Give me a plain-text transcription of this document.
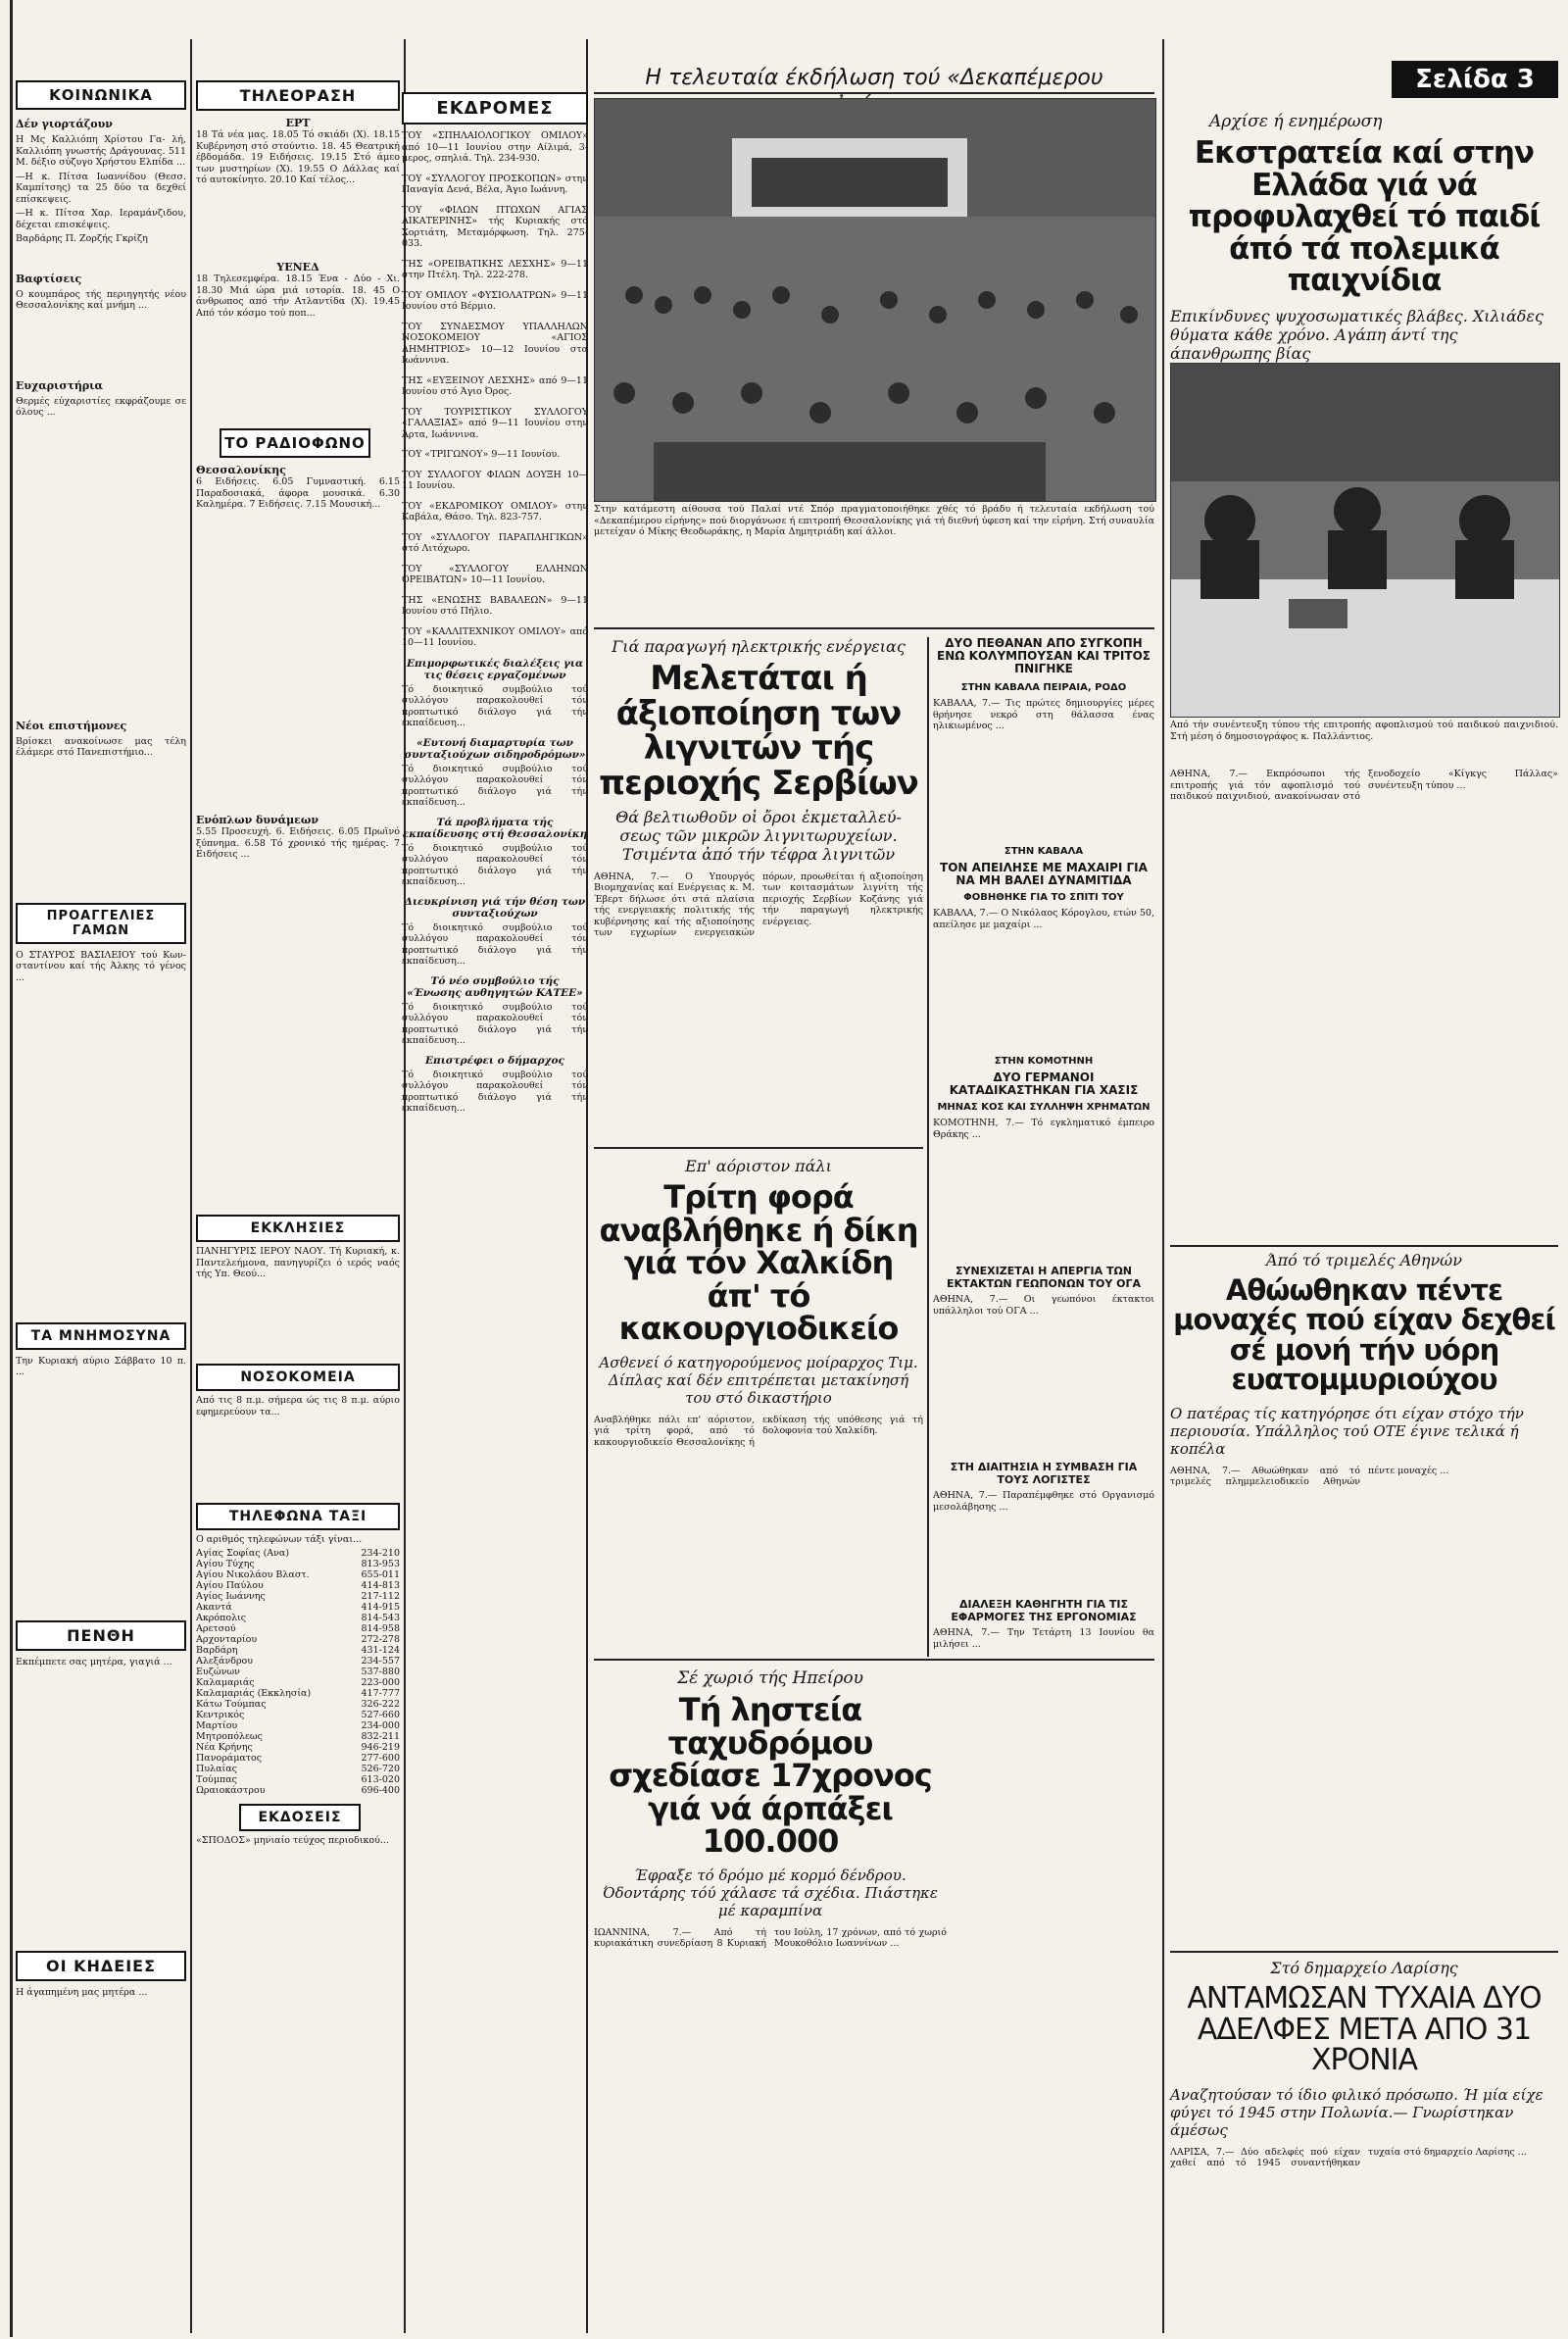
ΚΟΙΝΩΝΙΚΑ
Δέν γιορτάζουν
Η Μς Καλλιόπη Χρίστου Γα- λή, Καλλιόπη γνωστής Δράγουνας. 511 Μ. δέξιο σύζυγο Χρήστου Ελπίδα ...
—Η κ. Πίτσα Ιωαννίδου (Θεσσ. Καμπίτσης) τα 25 δύο τα δεχθεί επίσκεψεις.
—Η κ. Πίτσα Χαρ. Ιεραμάνζιδου, δέχεται επισκέψεις.
Βαρδάρης Π. Ζορζής Γκρίζη
Βαφτίσεις
Ο κουμπάρος τής περιηγητής νέου Θεσσαλονίκης καί μνήμη ...
Ευχαριστήρια
Θερμές εύχαριστίες εκφράζουμε σε όλους ...
Νέοι επιστήμονες
Βρίσκει ανακοίνωσε μας τέλη έλάμερε στό Πανεπιστήμιο...
ΠΡΟΑΓΓΕΛΙΕΣ ΓΑΜΩΝ
Ο ΣΤΑΥΡΟΣ ΒΑΣΙΛΕΙΟΥ τού Κων- σταντίνου καί τής Άλκης τό γένος ...
ΤΑ ΜΝΗΜΟΣΥΝΑ
Την Κυριακή αύριο Σάββατο 10 π. ...
ΠΕΝΘΗ
Εκπέμπετε σας μητέρα, γιαγιά ...
ΟΙ ΚΗΔΕΙΕΣ
Η άγαπημένη μας μητέρα ...
ΤΗΛΕΟΡΑΣΗ
ΕΡΤ
18 Τά νέα μας. 18.05 Τό σκιάδι (Χ). 18.15 Κυβέρνηση στό στούντιο. 18. 45 Θεατρική έβδομάδα. 19 Ειδήσεις. 19.15 Στό άμεο των μυστηρίων (Χ). 19.55 Ο Δάλλας καί τό αυτοκίνητο. 20.10 Καί τέλος...
ΥΕΝΕΔ
18 Τηλεσεμφέρα. 18.15 Ένα - Δύο - Χι. 18.30 Μιά ώρα μιά ιστορία. 18. 45 Ο άνθρωπος από τήν Ατλαντίδα (Χ). 19.45 Από τόν κόσμο τού ποπ...
ΤΟ ΡΑΔΙΟΦΩΝΟ
Θεσσαλονίκης
6 Ειδήσεις. 6.05 Γυμναστική. 6.15 Παραδοσιακά, άφορα μουσικά. 6.30 Καλημέρα. 7 Ειδήσεις. 7.15 Μουσική...
Ενόπλων δυνάμεων
5.55 Προσευχή. 6. Ειδήσεις. 6.05 Πρωϊνό ξύπνημα. 6.58 Τό χρονικό τής ημέρας. 7 Ειδήσεις ...
ΕΚΚΛΗΣΙΕΣ
ΠΑΝΗΓΥΡΙΣ ΙΕΡΟΥ ΝΑΟΥ. Τή Κυριακή, κ. Παντελεήμονα, πανηγυρίζει ό ιερός ναός τής Υπ. Θεού...
ΝΟΣΟΚΟΜΕΙΑ
Από τις 8 π.μ. σήμερα ώς τις 8 π.μ. αύριο εφημερεύουν τα...
ΤΗΛΕΦΩΝΑ ΤΑΞΙ
Ο αριθμός τηλεφώνων τάξι γίναι...
Αγίας Σοφίας (Ανα)	234-210
Αγίου Τύχης	813-953
Αγίου Νικολάου Βλαστ.	655-011
Αγίου Παύλου	414-813
Αγίος Ιωάννης	217-112
Ακαντά	414-915
Ακρόπολις	814-543
Αρετσού	814-958
Αρχονταρίου	272-278
Βαρδάρη	431-124
Αλεξάνδρου	234-557
Ευζώνων	537-880
Καλαμαριάς	223-000
Καλαμαριάς (Εκκλησία)	417-777
Κάτω Τούμπας	326-222
Κεντρικός	527-660
Μαρτίου	234-000
Μητροπόλεως	832-211
Νέα Κρήνης	946-219
Πανοράματος	277-600
Πυλαίας	526-720
Τούμπας	613-020
Ωραιοκάστρου	696-400
ΕΚΔΟΣΕΙΣ
«ΣΠΟΔΟΣ» μηνιαίο τεύχος περιοδικού...
ΕΚΔΡΟΜΕΣ

ΤΟΥ «ΣΠΗΛΑΙΟΛΟΓΙΚΟΥ ΟΜΙΛΟΥ» από 10—11 Ιουνίου στην Αίλιμά, 3- μερος, σπηλιά. Τηλ. 234-930.

ΤΟΥ «ΣΥΛΛΟΓΟΥ ΠΡΟΣΚΟΠΩΝ» στην Παναγία Δενά, Βέλα, Άγιο Ιωάννη.

ΤΟΥ «ΦΙΛΩΝ ΠΤΩΧΩΝ ΑΓΙΑΣ ΑΙΚΑΤΕΡΙΝΗΣ» τής Κυριακής στό Χορτιάτη, Μεταμόρφωση. Τηλ. 275-033.

ΤΗΣ «ΟΡΕΙΒΑΤΙΚΗΣ ΛΕΣΧΗΣ» 9—11 στην Πτέλη. Τηλ. 222-278.

ΤΟΥ ΟΜΙΛΟΥ «ΦΥΣΙΟΛΑΤΡΩΝ» 9—11 Ιουνίου στό Βέρμιο.

ΤΟΥ ΣΥΝΔΕΣΜΟΥ ΥΠΑΛΛΗΛΩΝ ΝΟΣΟΚΟΜΕΙΟΥ «ΑΓΙΟΣ ΔΗΜΗΤΡΙΟΣ» 10—12 Ιουνίου στα Ιωάννινα.

ΤΗΣ «ΕΥΞΕΙΝΟΥ ΛΕΣΧΗΣ» από 9—11 Ιουνίου στό Άγιο Όρος.

ΤΟΥ ΤΟΥΡΙΣΤΙΚΟΥ ΣΥΛΛΟΓΟΥ «ΓΑΛΑΞΙΑΣ» από 9—11 Ιουνίου στην Άρτα, Ιωάννινα.

ΤΟΥ «ΤΡΙΓΩΝΟΥ» 9—11 Ιουνίου.

ΤΟΥ ΣΥΛΛΟΓΟΥ ΦΙΛΩΝ ΔΟΥΞΗ 10—11 Ιουνίου.

ΤΟΥ «ΕΚΔΡΟΜΙΚΟΥ ΟΜΙΛΟΥ» στην Καβάλα, Θάσο. Τηλ. 823-757.

ΤΟΥ «ΣΥΛΛΟΓΟΥ ΠΑΡΑΠΛΗΓΙΚΩΝ» στό Λιτόχωρο.

ΤΟΥ «ΣΥΛΛΟΓΟΥ ΕΛΛΗΝΩΝ ΟΡΕΙΒΑΤΩΝ» 10—11 Ιουνίου.

ΤΗΣ «ΕΝΩΣΗΣ ΒΑΒΑΛΕΩΝ» 9—11 Ιουνίου στό Πήλιο.

ΤΟΥ «ΚΑΛΛΙΤΕΧΝΙΚΟΥ ΟΜΙΛΟΥ» από 10—11 Ιουνίου.

Επιμορφωτικές διαλέξεις για τις θέσεις εργαζομένων
Τό διοικητικό συμβούλιο τού συλλόγου παρακολουθεί τόν προπτωτικό διάλογο γιά τήν εκπαίδευση...
«Ευτονή διαμαρτυρία των συνταξιούχων σιδηροδρόμων»
Τό διοικητικό συμβούλιο τού συλλόγου παρακολουθεί τόν προπτωτικό διάλογο γιά τήν εκπαίδευση...
Τά προβλήματα τής εκπαίδευσης στή Θεσσαλονίκη
Τό διοικητικό συμβούλιο τού συλλόγου παρακολουθεί τόν προπτωτικό διάλογο γιά τήν εκπαίδευση...
Διευκρίνιση γιά τήν θέση των συνταξιούχων
Τό διοικητικό συμβούλιο τού συλλόγου παρακολουθεί τόν προπτωτικό διάλογο γιά τήν εκπαίδευση...
Τό νέο συμβούλιο τής «Ένωσης αυθηγητών ΚΑΤΕΕ»
Τό διοικητικό συμβούλιο τού συλλόγου παρακολουθεί τόν προπτωτικό διάλογο γιά τήν εκπαίδευση...
Επιστρέφει ο δήμαρχος
Τό διοικητικό συμβούλιο τού συλλόγου παρακολουθεί τόν προπτωτικό διάλογο γιά τήν εκπαίδευση...
Η τελευταία έκδήλωση τού «Δεκαπέμερου
Στην κατάμεστη αίθουσα τού Παλαί ντέ Σπόρ πραγματοποιήθηκε χθές τό βράδυ ή τελευταία εκδήλωση τού «Δεκαπέμερου εἰρήνης» πού διοργάνωσε ή επιτροπή Θεσσαλονίκης γιά τή διεθνή ύφεση καί την εἰρήνη. Στή συναυλία μετείχαν ό Μίκης Θεοδωράκης, η Μαρία Δημητριάδη καί άλλοι.
Γιά παραγωγή ηλεκτρικής ενέργειας
Μελετάται ή άξιοποίηση των λιγνιτών τής περιοχής Σερβίων
Θά βελτιωθοῦν οἱ ὄροι ἐκμεταλλεύ- σεως τῶν μικρῶν λιγνιτωρυχείων. Τσιμέντα ἀπό τήν τέφρα λιγνιτῶν
ΑΘΗΝΑ, 7.— Ο Υπουργός Βιομηχανίας καί Ενέργειας κ. Μ. Έβερτ δήλωσε ότι στά πλαίσια τής ενεργειακής πολιτικής τής κυβέρνησης καί τής αξιοποίησης των εγχωρίων ενεργειακών πόρων, προωθείται ή αξιοποίηση των κοιτασμάτων λιγνίτη τής περιοχής Σερβίων Κοζάνης γιά τήν παραγωγή ηλεκτρικής ενέργειας.
ΔΥΟ ΠΕΘΑΝΑΝ ΑΠΟ ΣΥΓΚΟΠΗ ΕΝΩ ΚΟΛΥΜΠΟΥΣΑΝ ΚΑΙ ΤΡΙΤΟΣ ΠΝΙΓΗΚΕ
ΣΤΗΝ ΚΑΒΑΛΑ ΠΕΙΡΑΙΑ, ΡΟΔΟ
ΚΑΒΑΛΑ, 7.— Τις πρώτες δημιουργίες μέρες θρήνησε νεκρό στη θάλασσα ένας ηλικιωμένος ...
ΣΤΗΝ ΚΑΒΑΛΑ
ΤΟΝ ΑΠΕΙΛΗΣΕ ΜΕ ΜΑΧΑΙΡΙ ΓΙΑ ΝΑ ΜΗ ΒΑΛΕΙ ΔΥΝΑΜΙΤΙΔΑ
ΦΟΒΗΘΗΚΕ ΓΙΑ ΤΟ ΣΠΙΤΙ ΤΟΥ
ΚΑΒΑΛΑ, 7.— Ο Νικόλαος Κόρογλου, ετών 50, απείλησε με μαχαίρι ...
ΣΤΗΝ ΚΟΜΟΤΗΝΗ
ΔΥΟ ΓΕΡΜΑΝΟΙ ΚΑΤΑΔΙΚΑΣΤΗΚΑΝ ΓΙΑ ΧΑΣΙΣ
ΜΗΝΑΣ ΚΟΣ ΚΑΙ ΣΥΛΛΗΨΗ ΧΡΗΜΑΤΩΝ
ΚΟΜΟΤΗΝΗ, 7.— Τό εγκληματικό έμπειρο Θράκης ...
ΣΥΝΕΧΙΖΕΤΑΙ Η ΑΠΕΡΓΙΑ ΤΩΝ ΕΚΤΑΚΤΩΝ ΓΕΩΠΟΝΩΝ ΤΟΥ ΟΓΑ
ΑΘΗΝΑ, 7.— Οι γεωπόνοι έκτακτοι υπάλληλοι τού ΟΓΑ ...
ΣΤΗ ΔΙΑΙΤΗΣΙΑ Η ΣΥΜΒΑΣΗ ΓΙΑ ΤΟΥΣ ΛΟΓΙΣΤΕΣ
ΑΘΗΝΑ, 7.— Παραπέμφθηκε στό Οργανισμό μεσολάβησης ...
ΔΙΑΛΕΞΗ ΚΑΘΗΓΗΤΗ ΓΙΑ ΤΙΣ ΕΦΑΡΜΟΓΕΣ ΤΗΣ ΕΡΓΟΝΟΜΙΑΣ
ΑΘΗΝΑ, 7.— Την Τετάρτη 13 Ιουνίου θα μιλήσει ...
Επ' αόριστον πάλι
Τρίτη φορά αναβλήθηκε ή δίκη γιά τόν Χαλκίδη άπ' τό κακουργιοδικείο
Ασθενεί ό κατηγορούμενος μοίραρχος Τιμ. Δίπλας καί δέν επιτρέπεται μετακίνησή του στό δικαστήριο
Αναβλήθηκε πάλι επ' αόριστον, γιά τρίτη φορά, από τό κακουργιοδικείο Θεσσαλονίκης ή εκδίκαση τής υπόθεσης γιά τή δολοφονία τού Χαλκίδη.
Σέ χωριό τής Ηπείρου
Τή ληστεία ταχυδρόμου σχεδίασε 17χρονος γιά νά άρπάξει 100.000
Έφραξε τό δρόμο μέ κορμό δένδρου. Όδοντάρης τόύ χάλασε τά σχέδια. Πιάστηκε μέ καραμπίνα
ΙΩΑΝΝΙΝΑ, 7.— Από τή κυριακάτικη συνεδρίαση 8 Κυριακή του Ιούλη, 17 χρόνων, από τό χωριό Μουκοθόλιο Ιωαννίνων ...
Σελίδα 3
Αρχίσε ή ενημέρωση
Εκστρατεία καί στην Ελλάδα γιά νά προφυλαχθεί τό παιδί άπό τά πολεμικά παιχνίδια
Επικίνδυνες ψυχοσωματικές βλάβες. Χιλιάδες θύματα κάθε χρόνο. Αγάπη άντί της άπανθρωπης βίας
Από τήν συνέντευξη τύπου τής επιτροπής αφοπλισμού τού παιδικού παιχνιδιού. Στή μέση ό δημοσιογράφος κ. Παλλάντιος.
ΑΘΗΝΑ, 7.— Εκπρόσωποι τής επιτροπής γιά τόν αφοπλισμό τού παιδικού παιχνιδιού, ανακοίνωσαν στό ξενοδοχείο «Κίγκγς Πάλλας» συνέντευξη τύπου ...
Άπό τό τριμελές Αθηνών
Αθώωθηκαν πέντε μοναχές πού είχαν δεχθεί σέ μονή τήν υόρη ευατομμυριούχου
Ο πατέρας τίς κατηγόρησε ότι είχαν στόχο τήν περιουσία. Υπάλληλος τού ΟΤΕ έγινε τελικά ή κοπέλα
ΑΘΗΝΑ, 7.— Αθωώθηκαν από τό τριμελές πλημμελειοδικείο Αθηνών πέντε μοναχές ...
Στό δημαρχείο Λαρίσης
ΑΝΤΑΜΩΣΑΝ ΤΥΧΑΙΑ ΔΥΟ ΑΔΕΛΦΕΣ ΜΕΤΑ ΑΠΟ 31 ΧΡΟΝΙΑ
Αναζητούσαν τό ίδιο φιλικό πρόσωπο. Ή μία είχε φύγει τό 1945 στην Πολωνία.— Γνωρίστηκαν άμέσως
ΛΑΡΙΣΑ, 7.— Δύο αδελφές πού είχαν χαθεί από τό 1945 συναντήθηκαν τυχαία στό δημαρχείο Λαρίσης ...
